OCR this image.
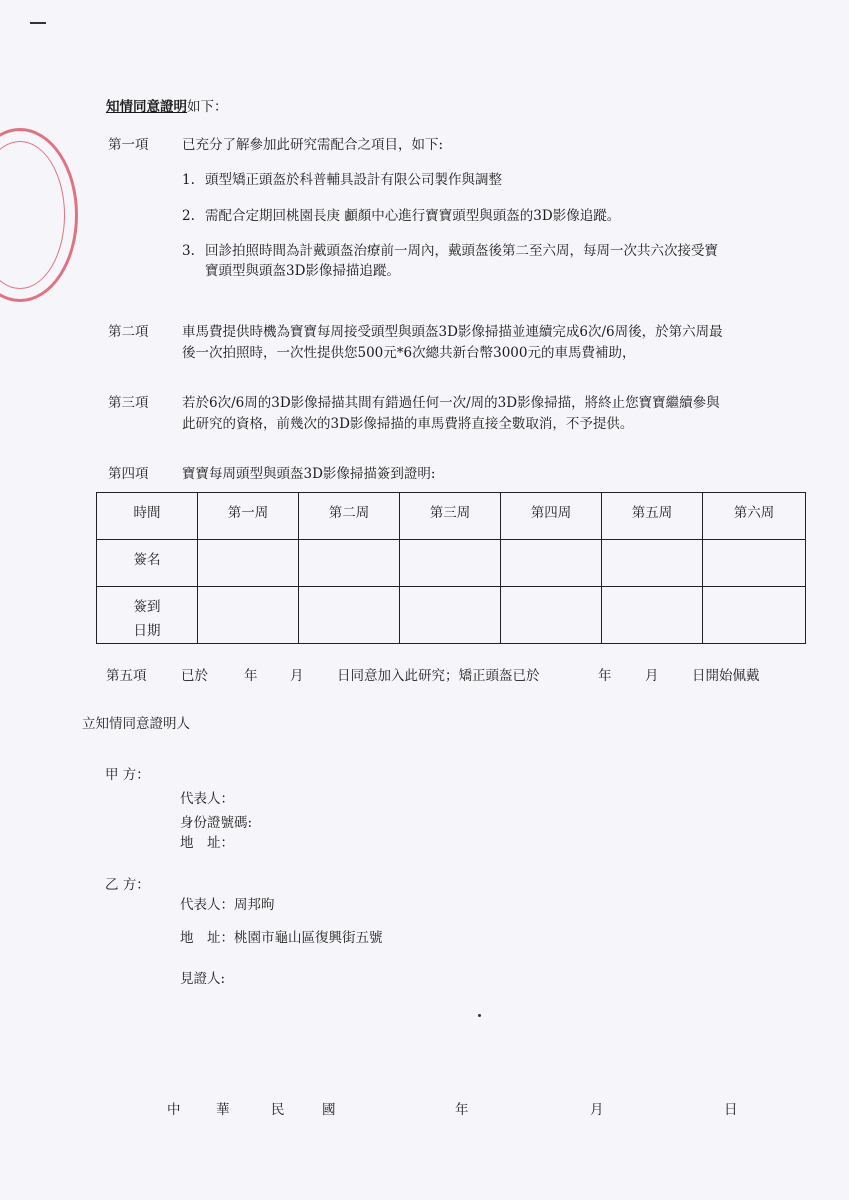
知情同意證明如下：
第一項 已充分了解參加此研究需配合之項目，如下:
1. 頭型矯正頭盔於科普輔具設計有限公司製作與調整
2. 需配合定期回桃園長庚 顱顏中心進行寶寶頭型與頭盔的3D影像追蹤。
3. 回診拍照時間為計戴頭盔治療前一周內，戴頭盔後第二至六周，每周一次共六次接受寶
寶頭型與頭盔3D影像掃描追蹤。
第二項 車馬費提供時機為寶寶每周接受頭型與頭盔3D影像掃描並連續完成6次/6周後，於第六周最
後一次拍照時，一次性提供您500元*6次總共新台幣3000元的車馬費補助，
第三項 若於6次/6周的3D影像掃描其間有錯過任何一次/周的3D影像掃描，將終止您寶寶繼續參與
此研究的資格，前幾次的3D影像掃描的車馬費將直接全數取消，不予提供。
第四項 寶寶每周頭型與頭盔3D影像掃描簽到證明:
時間	第一周	第二周	第三周	第四周	第五周	第六周
簽名						

簽到
日期						

第五項	已於	年 月 日同意加入此研究；矯正頭盔已於	年 月 日開始佩戴
立知情同意證明人
甲 方：
代表人：
身份證號碼:
地　址：
乙 方：
代表人：周邦昫
地　址：桃園市龜山區復興街五號
見證人:
中	華	民	國	年	月	日
